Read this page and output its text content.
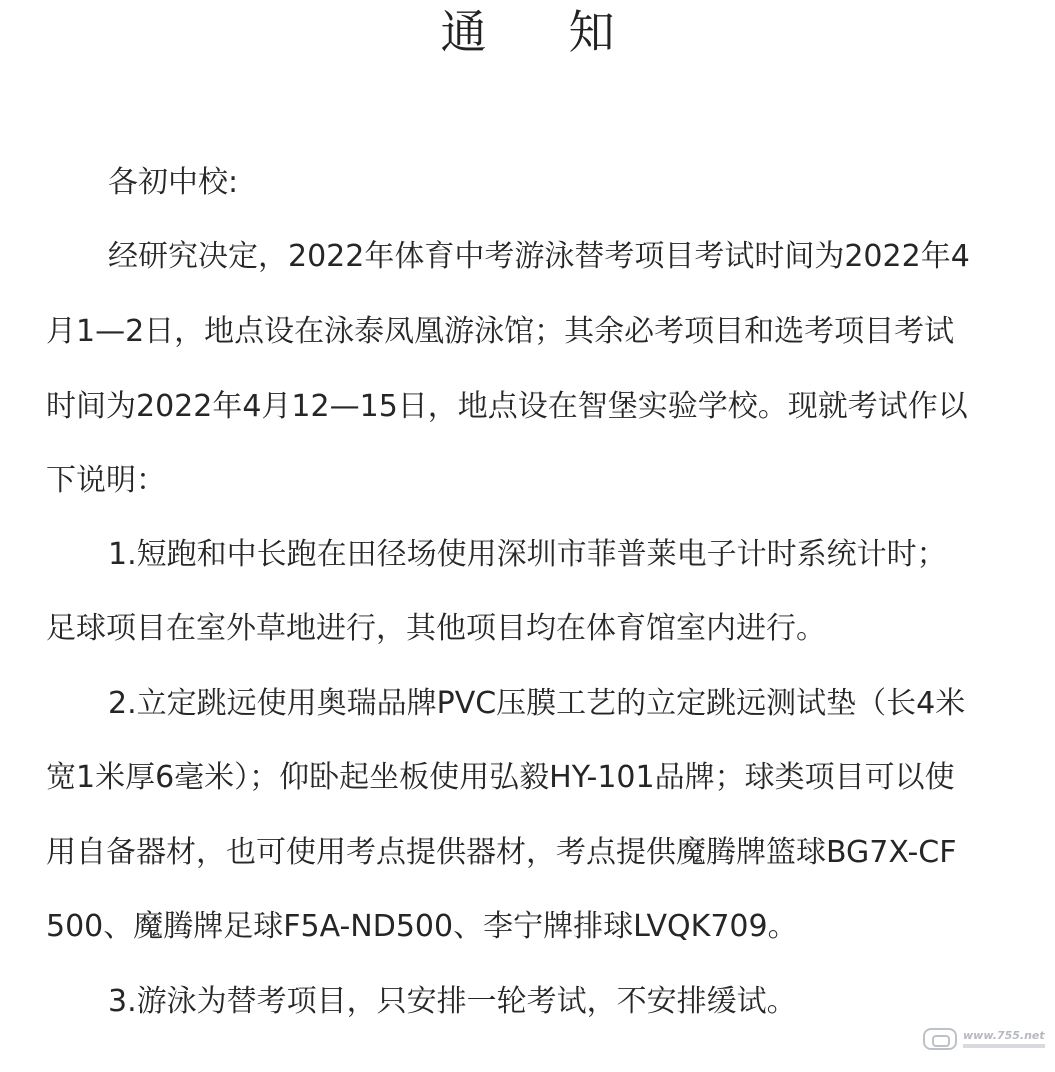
通知
各初中校:
经研究决定，2022年体育中考游泳替考项目考试时间为2022年4
月1—2日，地点设在泳泰凤凰游泳馆；其余必考项目和选考项目考试
时间为2022年4月12—15日，地点设在智堡实验学校。现就考试作以
下说明：
1.短跑和中长跑在田径场使用深圳市菲普莱电子计时系统计时；
足球项目在室外草地进行，其他项目均在体育馆室内进行。
2.立定跳远使用奥瑞品牌PVC压膜工艺的立定跳远测试垫（长4米
宽1米厚6毫米）；仰卧起坐板使用弘毅HY-101品牌；球类项目可以使
用自备器材，也可使用考点提供器材，考点提供魔腾牌篮球BG7X-CF
500、魔腾牌足球F5A-ND500、李宁牌排球LVQK709。
3.游泳为替考项目，只安排一轮考试，不安排缓试。
www.755.net
